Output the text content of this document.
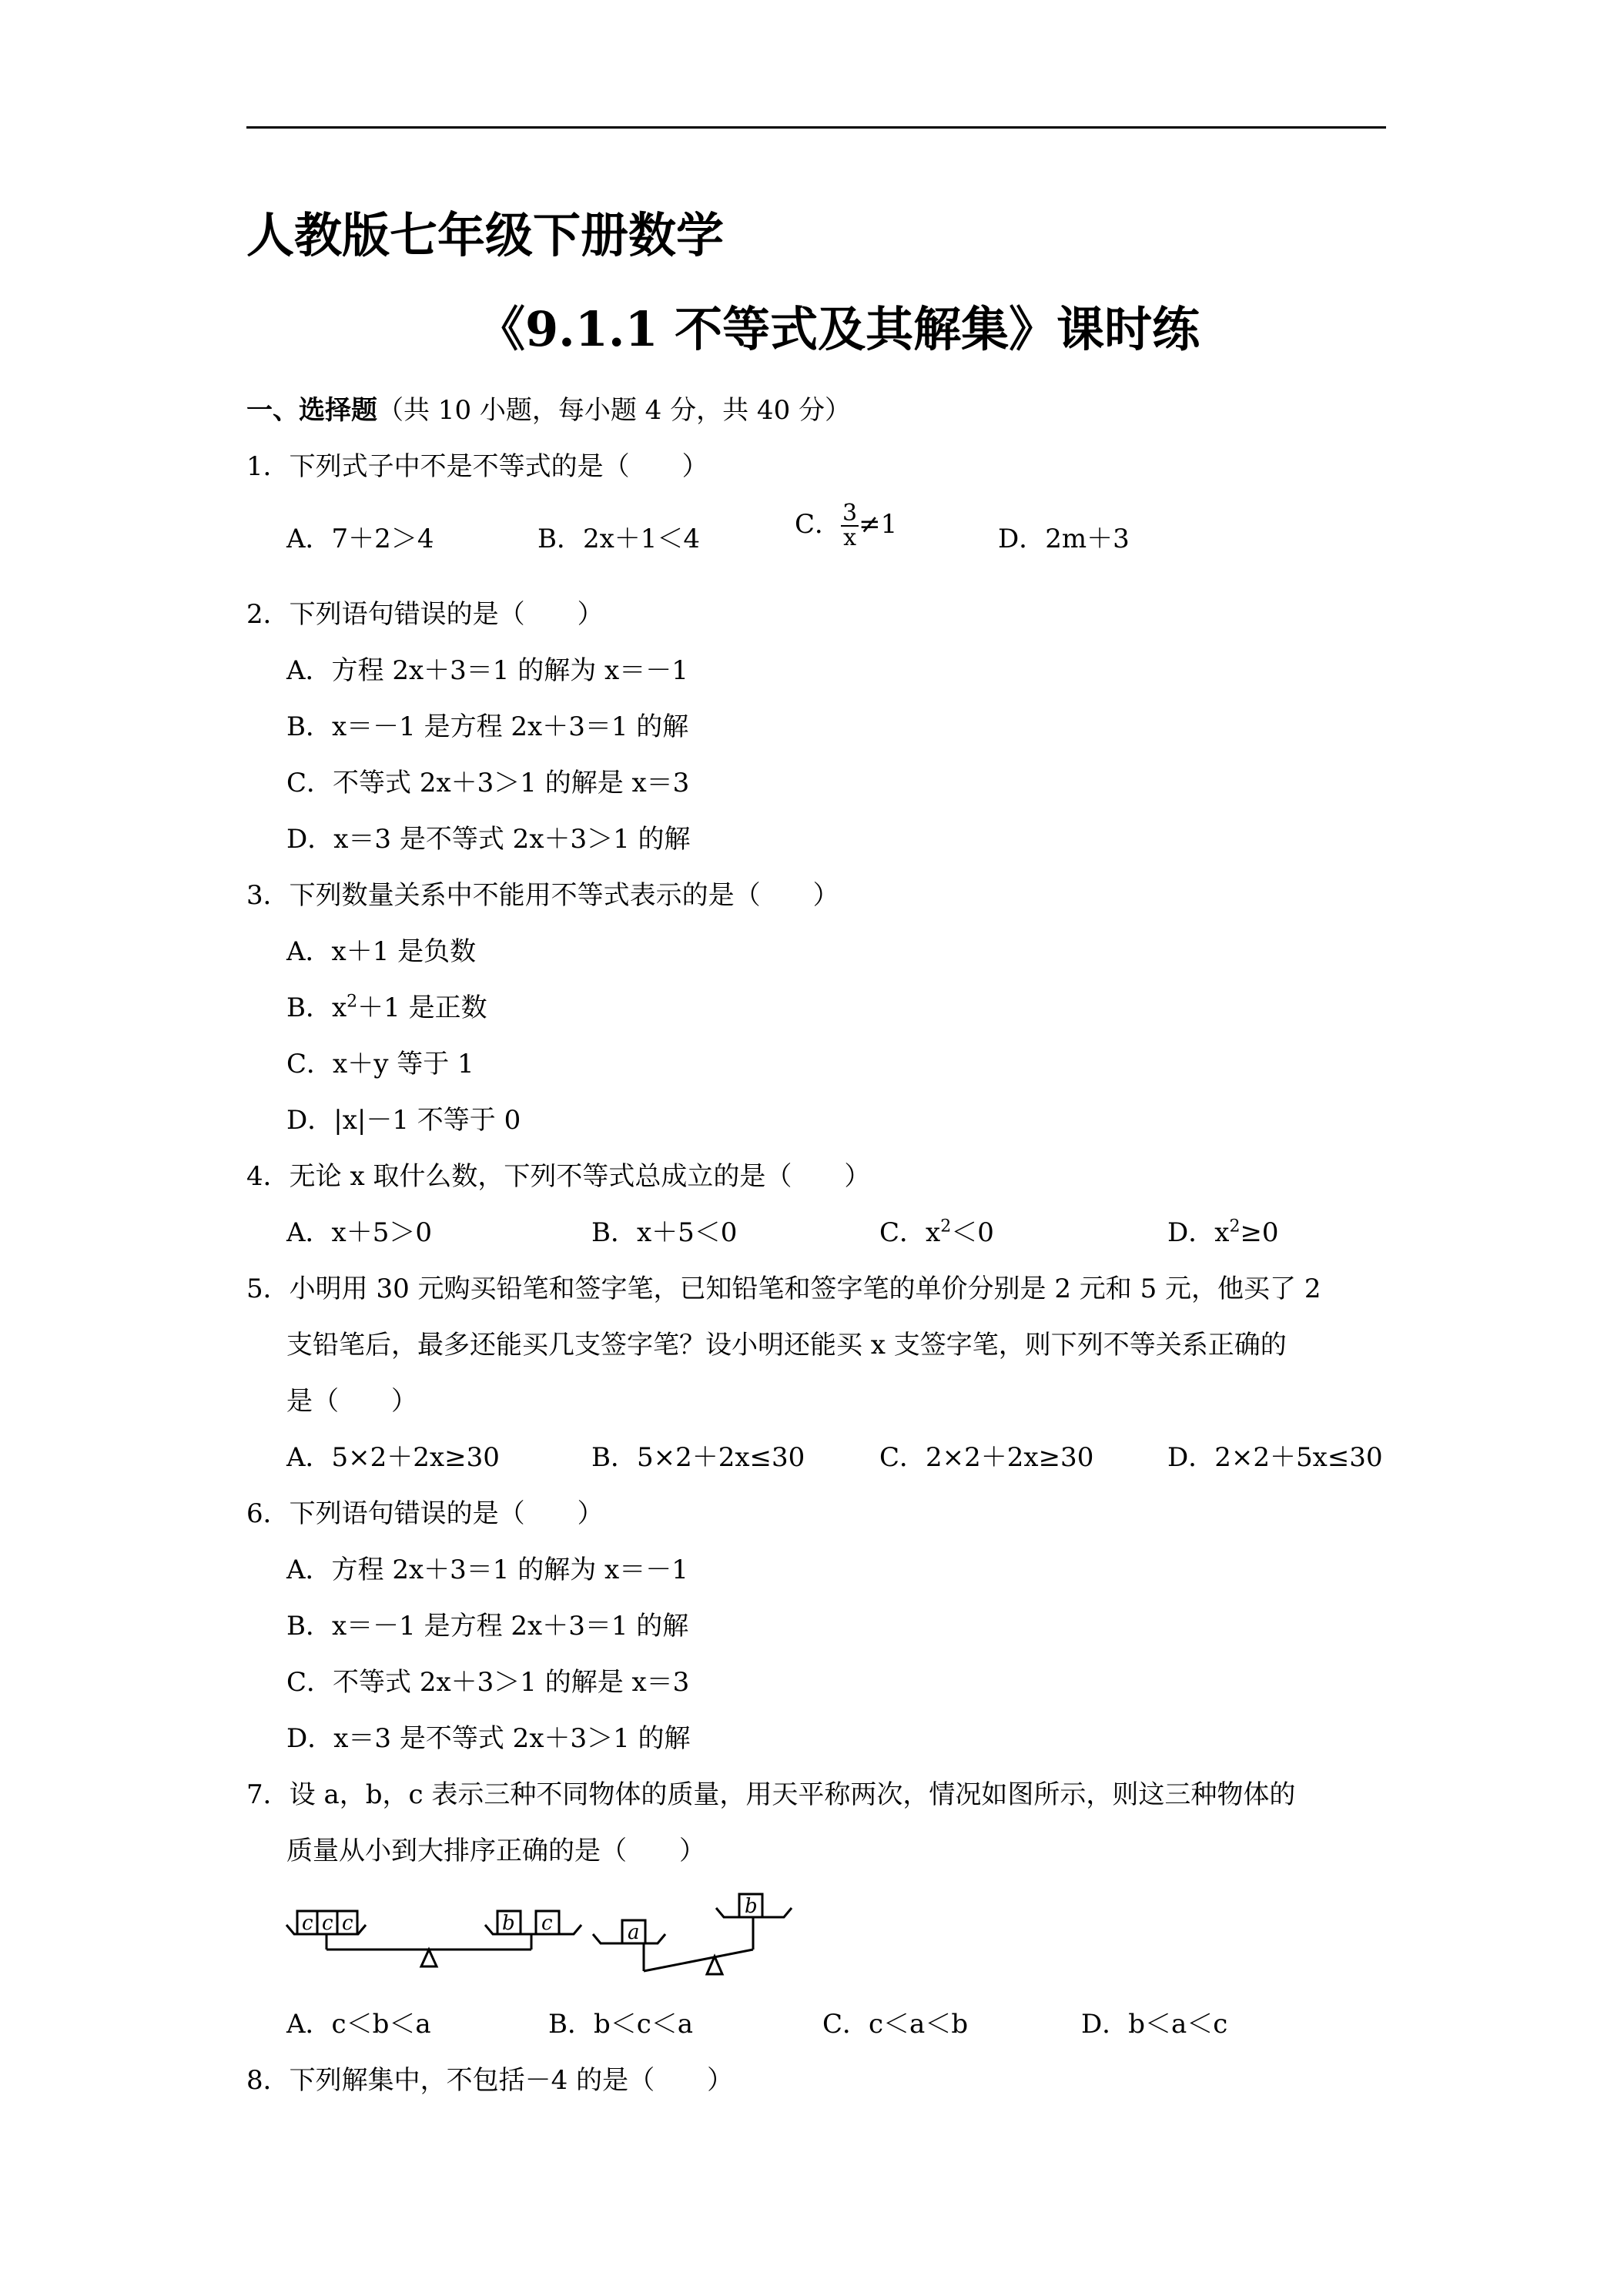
人教版七年级下册数学
《9.1.1 不等式及其解集》课时练
一、选择题（共 10 小题，每小题 4 分，共 40 分）
1．下列式子中不是不等式的是（　　）
A．7＋2＞4	B．2x＋1＜4	C． $\frac{3}{x} \ne 1$	D．2m＋3
2．下列语句错误的是（　　）
A．方程 2x＋3＝1 的解为 x＝－1
B．x＝－1 是方程 2x＋3＝1 的解
C．不等式 2x＋3＞1 的解是 x＝3
D．x＝3 是不等式 2x＋3＞1 的解
3．下列数量关系中不能用不等式表示的是（　　）
A．x＋1 是负数
B．$x^2+1$ 是正数
C．x＋y 等于 1
D．|x|－1 不等于 0
4．无论 x 取什么数，下列不等式总成立的是（　　）
A．x＋5＞0	B．x＋5＜0	C．$x^2<0$	D．$x^2\ge 0$
5．小明用 30 元购买铅笔和签字笔，已知铅笔和签字笔的单价分别是 2 元和 5 元，他买了 2
支铅笔后，最多还能买几支签字笔？设小明还能买 x 支签字笔，则下列不等关系正确的
是（　　）
A．5×2＋2x≥30	B．5×2＋2x≤30	C．2×2＋2x≥30	D．2×2＋5x≤30
6．下列语句错误的是（　　）
A．方程 2x＋3＝1 的解为 x＝－1
B．x＝－1 是方程 2x＋3＝1 的解
C．不等式 2x＋3＞1 的解是 x＝3
D．x＝3 是不等式 2x＋3＞1 的解
7．设 a，b，c 表示三种不同物体的质量，用天平称两次，情况如图所示，则这三种物体的
质量从小到大排序正确的是（　　）
c c c	b c	a
b
A．c＜b＜a	B．b＜c＜a	C．c＜a＜b	D．b＜a＜c
8．下列解集中，不包括－4 的是（　　）
